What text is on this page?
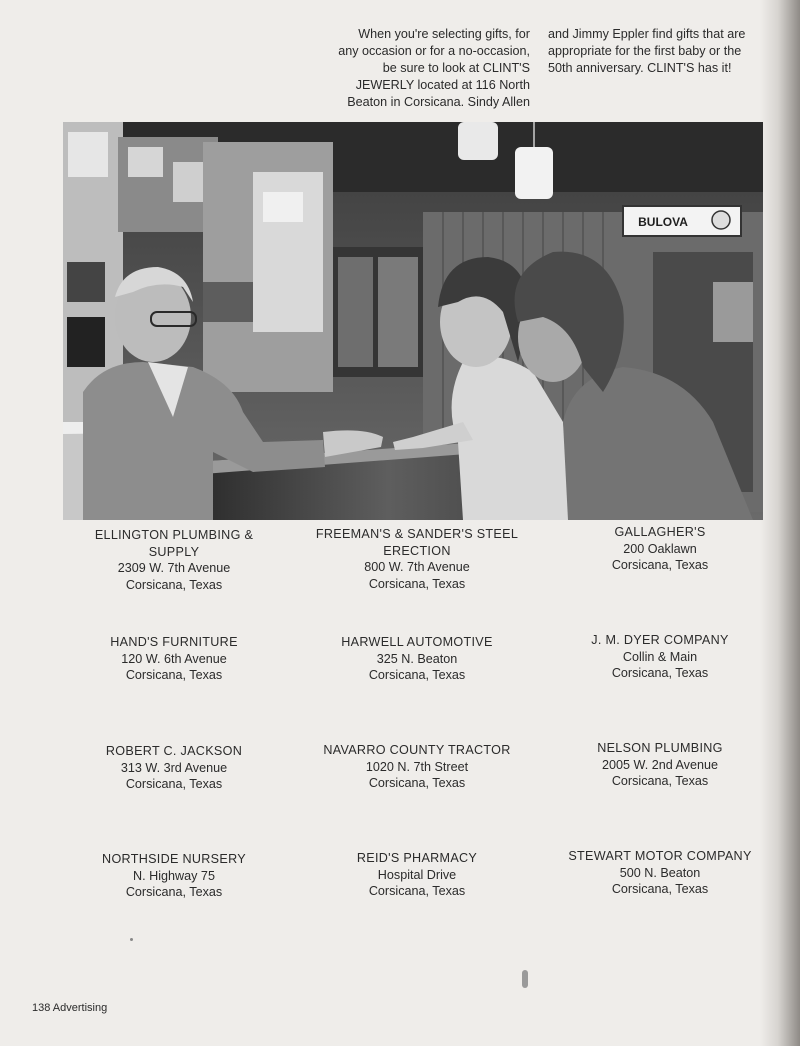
When you're selecting gifts, for
any occasion or for a no-occasion,
be sure to look at CLINT'S
JEWERLY located at 116 North
Beaton in Corsicana. Sindy Allen
and Jimmy Eppler find gifts that are
appropriate for the first baby or the
50th anniversary. CLINT'S has it!
BULOVA
ELLINGTON PLUMBING &
SUPPLY
2309 W. 7th Avenue
Corsicana, Texas
FREEMAN'S & SANDER'S STEEL
ERECTION
800 W. 7th Avenue
Corsicana, Texas
GALLAGHER'S
200 Oaklawn
Corsicana, Texas
HAND'S FURNITURE
120 W. 6th Avenue
Corsicana, Texas
HARWELL AUTOMOTIVE
325 N. Beaton
Corsicana, Texas
J. M. DYER COMPANY
Collin & Main
Corsicana, Texas
ROBERT C. JACKSON
313 W. 3rd Avenue
Corsicana, Texas
NAVARRO COUNTY TRACTOR
1020 N. 7th Street
Corsicana, Texas
NELSON PLUMBING
2005 W. 2nd Avenue
Corsicana, Texas
NORTHSIDE NURSERY
N. Highway 75
Corsicana, Texas
REID'S PHARMACY
Hospital Drive
Corsicana, Texas
STEWART MOTOR COMPANY
500 N. Beaton
Corsicana, Texas
138 Advertising
